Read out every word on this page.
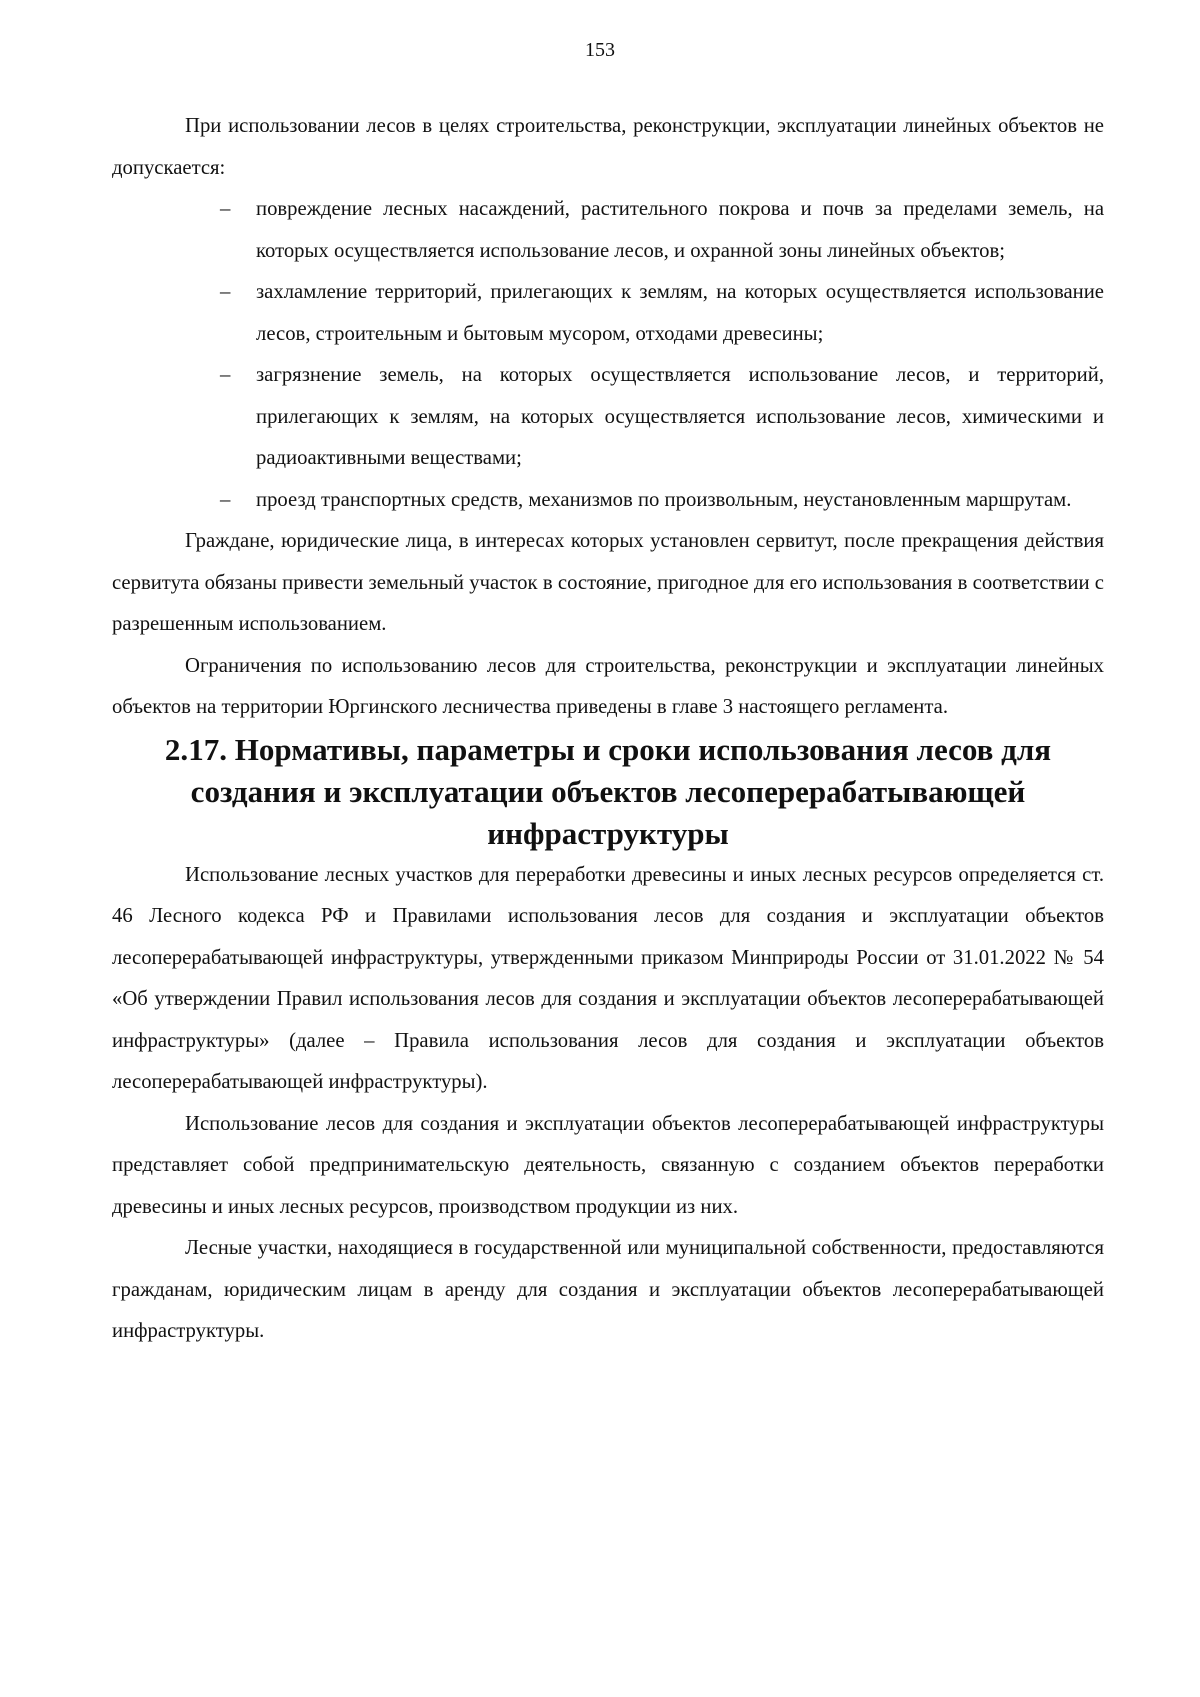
153

При использовании лесов в целях строительства, реконструкции, эксплуатации линейных объектов не допускается:

– повреждение лесных насаждений, растительного покрова и почв за пределами земель, на которых осуществляется использование лесов, и охранной зоны линейных объектов;
– захламление территорий, прилегающих к землям, на которых осуществляется использование лесов, строительным и бытовым мусором, отходами древесины;
– загрязнение земель, на которых осуществляется использование лесов, и территорий, прилегающих к землям, на которых осуществляется использование лесов, химическими и радиоактивными веществами;
– проезд транспортных средств, механизмов по произвольным, неустановленным маршрутам.

Граждане, юридические лица, в интересах которых установлен сервитут, после прекращения действия сервитута обязаны привести земельный участок в состояние, пригодное для его использования в соответствии с разрешенным использованием.

Ограничения по использованию лесов для строительства, реконструкции и эксплуатации линейных объектов на территории Юргинского лесничества приведены в главе 3 настоящего регламента.

2.17. Нормативы, параметры и сроки использования лесов для создания и эксплуатации объектов лесоперерабатывающей инфраструктуры

Использование лесных участков для переработки древесины и иных лесных ресурсов определяется ст. 46 Лесного кодекса РФ и Правилами использования лесов для создания и эксплуатации объектов лесоперерабатывающей инфраструктуры, утвержденными приказом Минприроды России от 31.01.2022 № 54 «Об утверждении Правил использования лесов для создания и эксплуатации объектов лесоперерабатывающей инфраструктуры» (далее – Правила использования лесов для создания и эксплуатации объектов лесоперерабатывающей инфраструктуры).

Использование лесов для создания и эксплуатации объектов лесоперерабатывающей инфраструктуры представляет собой предпринимательскую деятельность, связанную с созданием объектов переработки древесины и иных лесных ресурсов, производством продукции из них.

Лесные участки, находящиеся в государственной или муниципальной собственности, предоставляются гражданам, юридическим лицам в аренду для создания и эксплуатации объектов лесоперерабатывающей инфраструктуры.
